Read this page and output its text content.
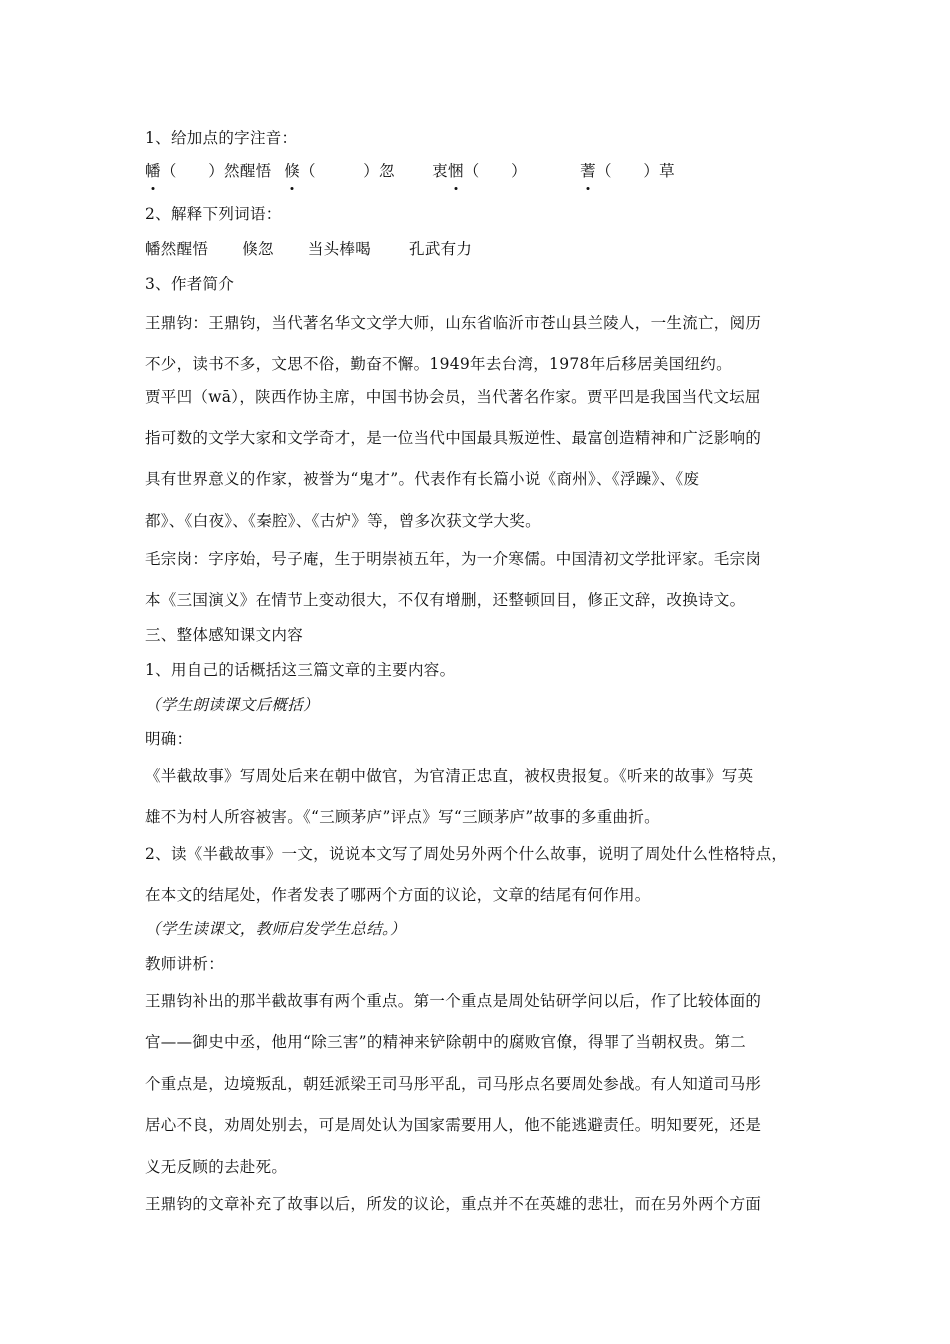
1、给加点的字注音：
幡（　　）然醒悟 倏（　　　）忽 衷悃（　　）	蓍（　　）草
2、解释下列词语：
幡然醒悟 倏忽 当头棒喝 孔武有力
3、作者简介
王鼎钧：王鼎钧，当代著名华文文学大师，山东省临沂市苍山县兰陵人，一生流亡，阅历
不少，读书不多，文思不俗，勤奋不懈。1949年去台湾，1978年后移居美国纽约。
贾平凹（wā），陕西作协主席，中国书协会员，当代著名作家。贾平凹是我国当代文坛屈
指可数的文学大家和文学奇才，是一位当代中国最具叛逆性、最富创造精神和广泛影响的
具有世界意义的作家，被誉为“鬼才”。代表作有长篇小说《商州》、《浮躁》、《废
都》、《白夜》、《秦腔》、《古炉》等，曾多次获文学大奖。
毛宗岗：字序始，号子庵，生于明崇祯五年，为一介寒儒。中国清初文学批评家。毛宗岗
本《三国演义》在情节上变动很大，不仅有增删，还整顿回目，修正文辞，改换诗文。
三、整体感知课文内容
1、用自己的话概括这三篇文章的主要内容。
（学生朗读课文后概括）
明确：
《半截故事》写周处后来在朝中做官，为官清正忠直，被权贵报复。《听来的故事》写英
雄不为村人所容被害。《“三顾茅庐”评点》写“三顾茅庐”故事的多重曲折。
2、读《半截故事》一文，说说本文写了周处另外两个什么故事，说明了周处什么性格特点，
在本文的结尾处，作者发表了哪两个方面的议论，文章的结尾有何作用。
（学生读课文，教师启发学生总结。）
教师讲析：
王鼎钧补出的那半截故事有两个重点。第一个重点是周处钻研学问以后，作了比较体面的
官——御史中丞，他用“除三害”的精神来铲除朝中的腐败官僚，得罪了当朝权贵。第二
个重点是，边境叛乱，朝廷派梁王司马彤平乱，司马彤点名要周处参战。有人知道司马彤
居心不良，劝周处别去，可是周处认为国家需要用人，他不能逃避责任。明知要死，还是
义无反顾的去赴死。
王鼎钧的文章补充了故事以后，所发的议论，重点并不在英雄的悲壮，而在另外两个方面
